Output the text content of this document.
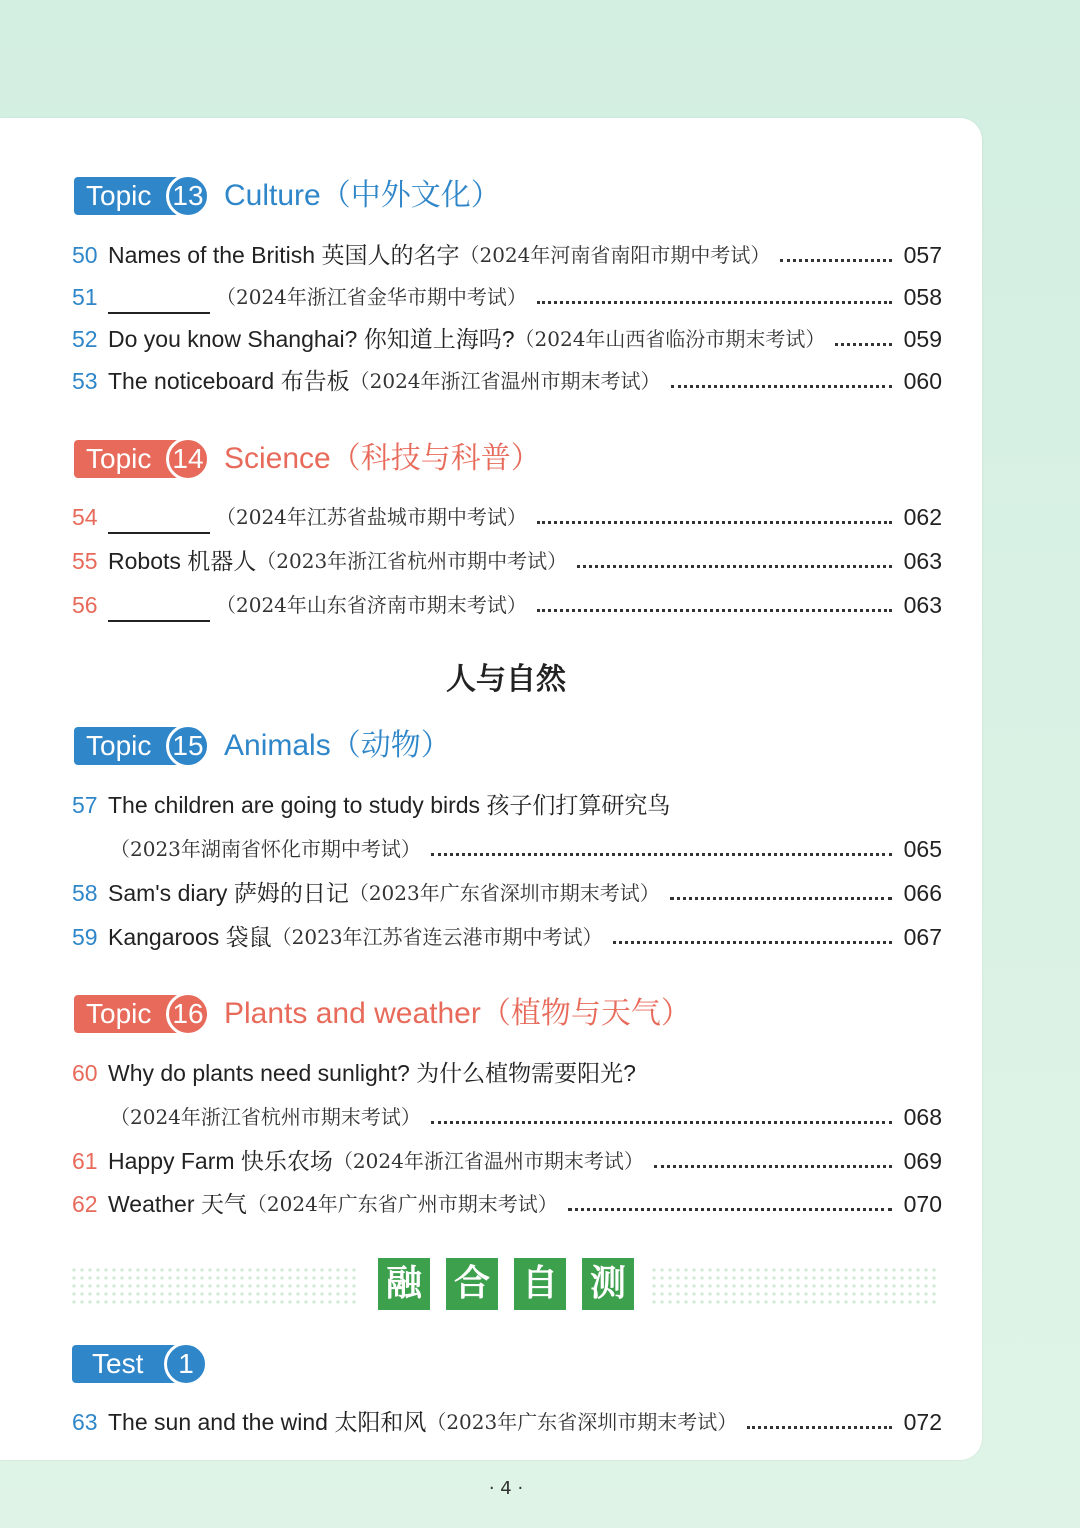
Topic 13 Culture（中外文化）
50 Names of the British 英国人的名字 （2024年河南省南阳市期中考试）	057
51	（2024年浙江省金华市期中考试）	058
52 Do you know Shanghai? 你知道上海吗? （2024年山西省临汾市期末考试）	059
53 The noticeboard 布告板 （2024年浙江省温州市期末考试）	060
Topic 14 Science（科技与科普）
54	（2024年江苏省盐城市期中考试）	062
55 Robots 机器人 （2023年浙江省杭州市期中考试）	063
56	（2024年山东省济南市期末考试）	063
人与自然
Topic 15 Animals（动物）
57 The children are going to study birds 孩子们打算研究鸟
（2023年湖南省怀化市期中考试）	065
58 Sam's diary 萨姆的日记 （2023年广东省深圳市期末考试）	066
59 Kangaroos 袋鼠 （2023年江苏省连云港市期中考试）	067
Topic 16 Plants and weather（植物与天气）
60 Why do plants need sunlight? 为什么植物需要阳光?
（2024年浙江省杭州市期末考试）	068
61 Happy Farm 快乐农场 （2024年浙江省温州市期末考试）	069
62 Weather 天气 （2024年广东省广州市期末考试）	070
融 合 自 测
Test	1
63 The sun and the wind 太阳和风 （2023年广东省深圳市期末考试）	072
· 4 ·
